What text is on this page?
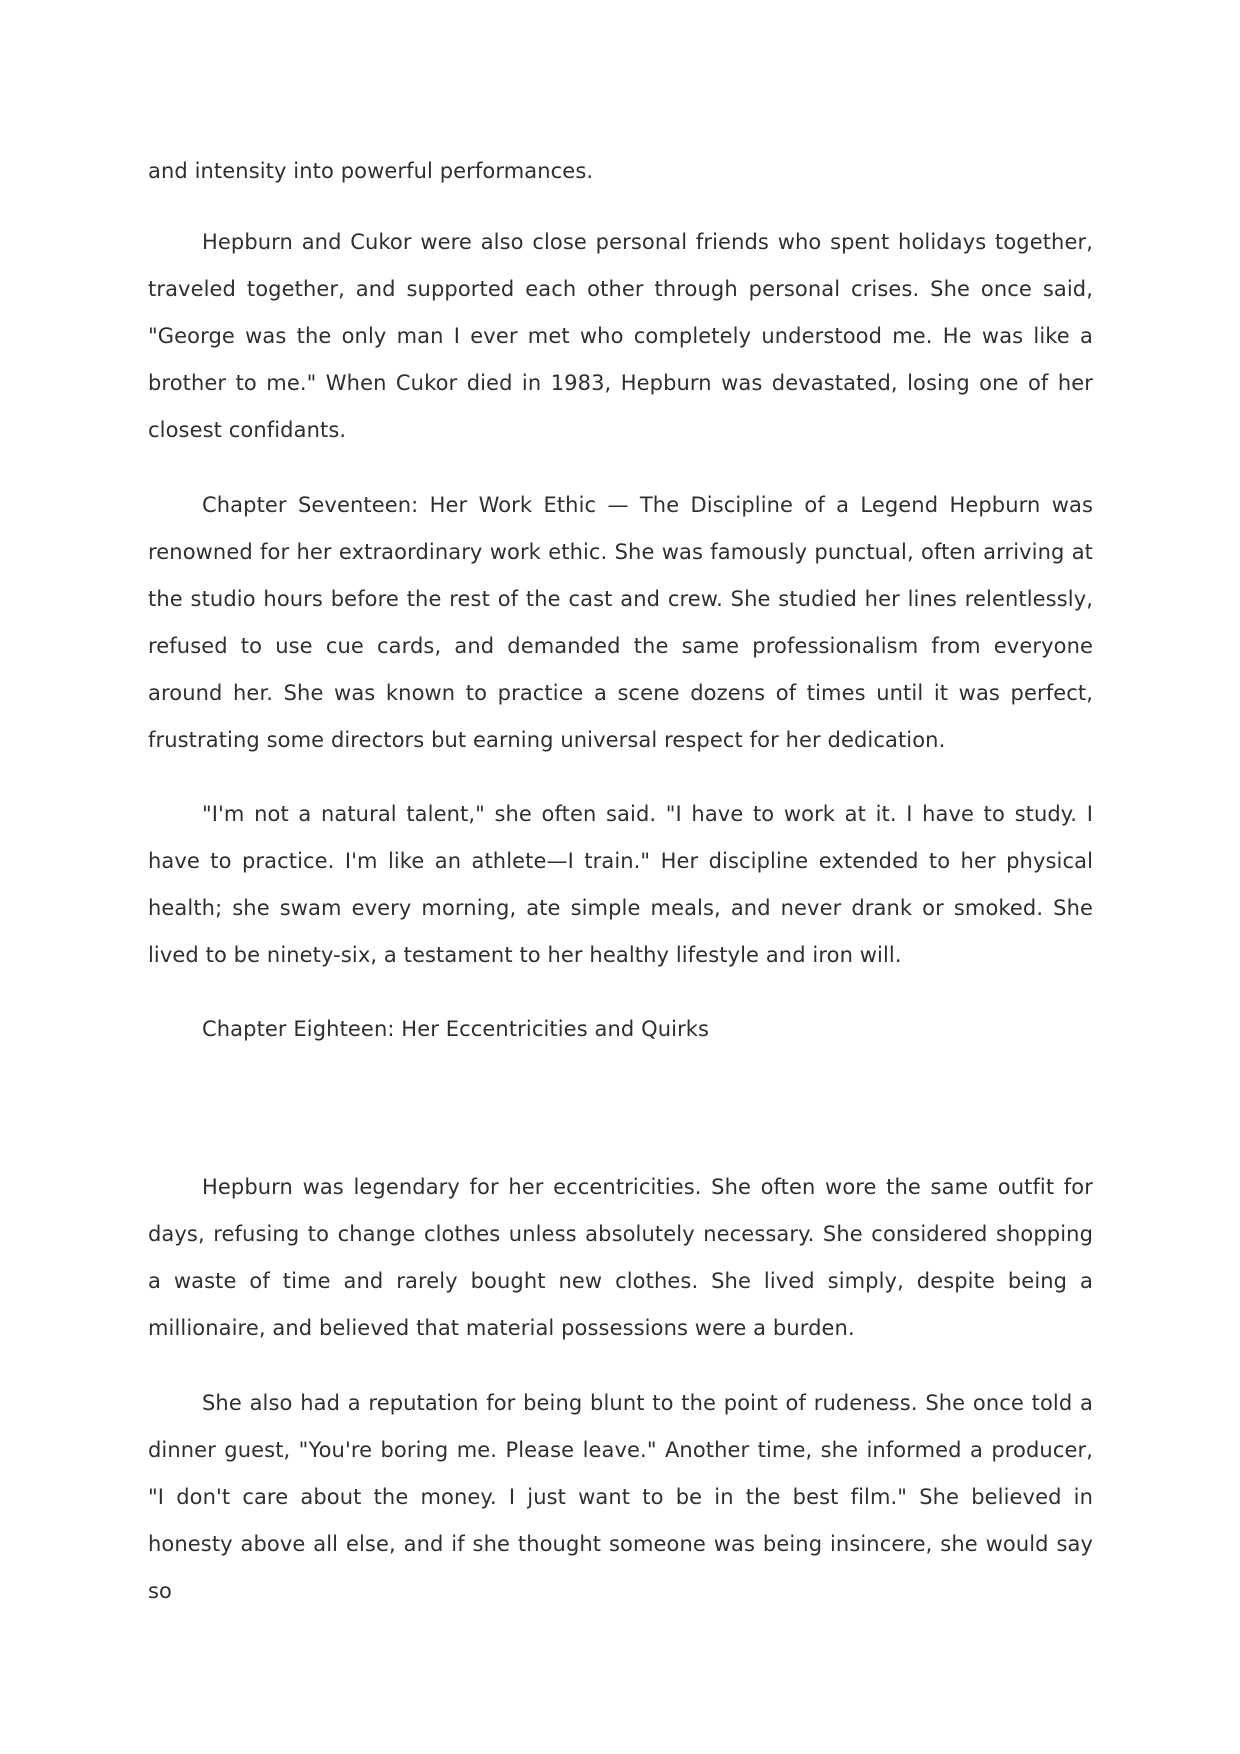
and intensity into powerful performances.

Hepburn and Cukor were also close personal friends who spent holidays together, traveled together, and supported each other through personal crises. She once said, "George was the only man I ever met who completely understood me. He was like a brother to me." When Cukor died in 1983, Hepburn was devastated, losing one of her closest confidants.

Chapter Seventeen: Her Work Ethic — The Discipline of a Legend Hepburn was renowned for her extraordinary work ethic. She was famously punctual, often arriving at the studio hours before the rest of the cast and crew. She studied her lines relentlessly, refused to use cue cards, and demanded the same professionalism from everyone around her. She was known to practice a scene dozens of times until it was perfect, frustrating some directors but earning universal respect for her dedication.

"I'm not a natural talent," she often said. "I have to work at it. I have to study. I have to practice. I'm like an athlete—I train." Her discipline extended to her physical health; she swam every morning, ate simple meals, and never drank or smoked. She lived to be ninety-six, a testament to her healthy lifestyle and iron will.

Chapter Eighteen: Her Eccentricities and Quirks

Hepburn was legendary for her eccentricities. She often wore the same outfit for days, refusing to change clothes unless absolutely necessary. She considered shopping a waste of time and rarely bought new clothes. She lived simply, despite being a millionaire, and believed that material possessions were a burden.

She also had a reputation for being blunt to the point of rudeness. She once told a dinner guest, "You're boring me. Please leave." Another time, she informed a producer, "I don't care about the money. I just want to be in the best film." She believed in honesty above all else, and if she thought someone was being insincere, she would say so
